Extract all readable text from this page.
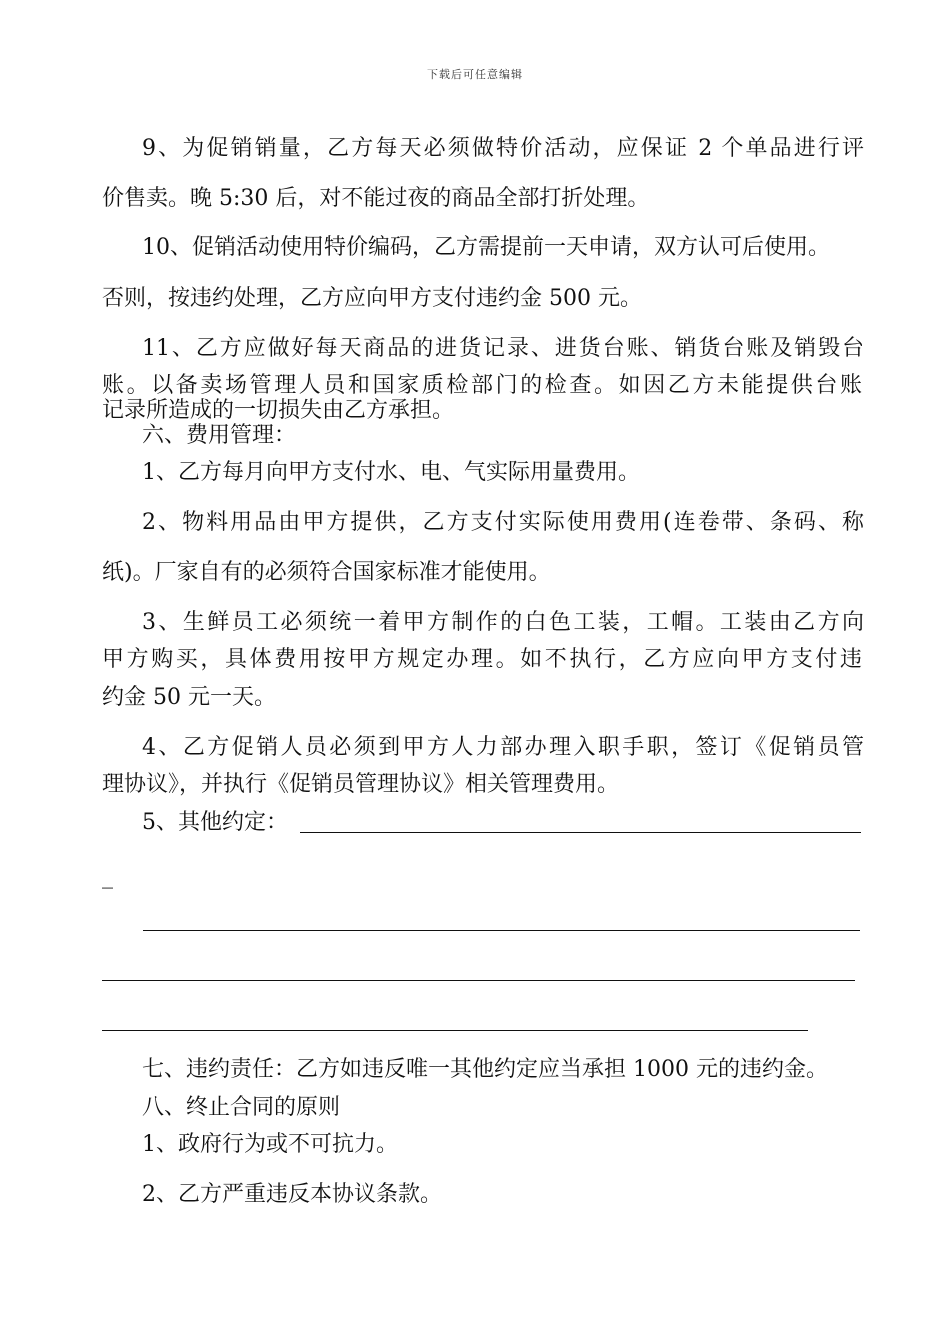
下载后可任意编辑
9、为促销销量，乙方每天必须做特价活动，应保证 2 个单品进行评
价售卖。晚 5:30 后，对不能过夜的商品全部打折处理。
10、促销活动使用特价编码，乙方需提前一天申请，双方认可后使用。
否则，按违约处理，乙方应向甲方支付违约金 500 元。
11、乙方应做好每天商品的进货记录、进货台账、销货台账及销毁台
账。以备卖场管理人员和国家质检部门的检查。如因乙方未能提供台账
记录所造成的一切损失由乙方承担。
六、费用管理：
1、乙方每月向甲方支付水、电、气实际用量费用。
2、物料用品由甲方提供，乙方支付实际使用费用(连卷带、条码、称
纸)。厂家自有的必须符合国家标准才能使用。
3、生鲜员工必须统一着甲方制作的白色工装，工帽。工装由乙方向
甲方购买，具体费用按甲方规定办理。如不执行，乙方应向甲方支付违
约金 50 元一天。
4、乙方促销人员必须到甲方人力部办理入职手职，签订《促销员管
理协议》，并执行《促销员管理协议》相关管理费用。
5、其他约定：
_
七、违约责任：乙方如违反唯一其他约定应当承担 1000 元的违约金。
八、终止合同的原则
1、政府行为或不可抗力。
2、乙方严重违反本协议条款。
